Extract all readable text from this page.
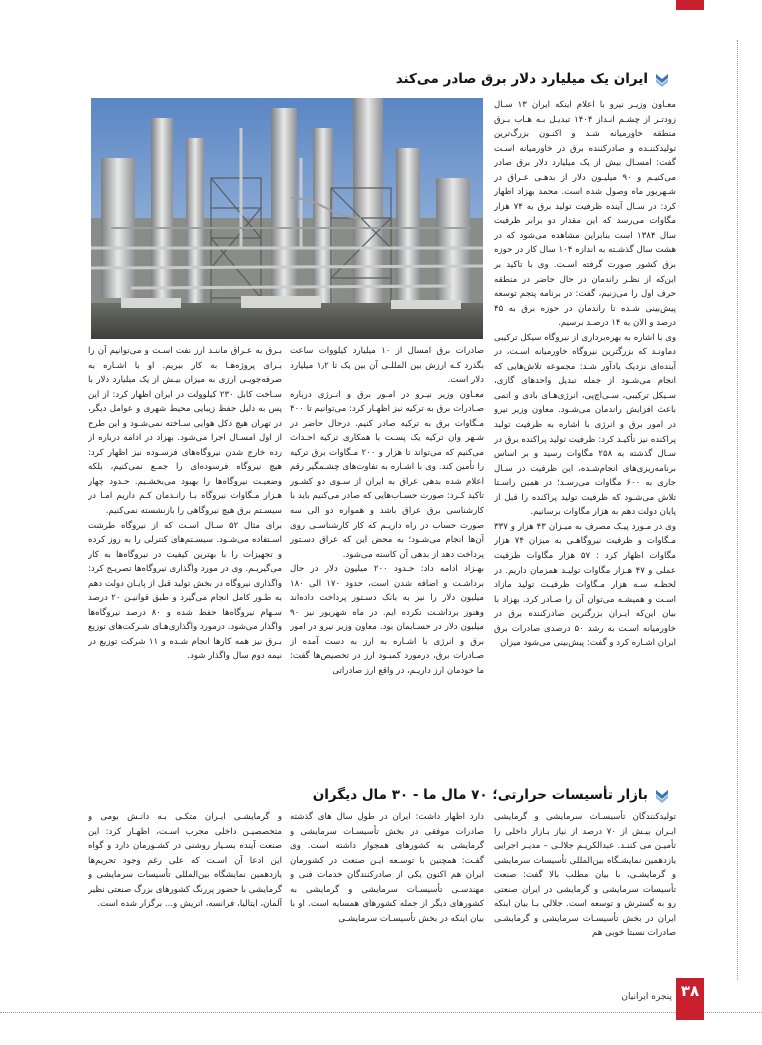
ایران یک میلیارد دلار برق صادر می‌کند

معـاون وزیـر نیرو با اعلام اینکه ایران ۱۳ سـال زودتـر از چشـم انـداز ۱۴۰۴ تبدیـل بـه هـاب بـرق منطقه خاورمیانه شـد و اکنـون بزرگ‌ترین تولیدکننـده و صادرکننده برق در خاورمیانه اسـت گفت: امسـال بیش از یک میلیارد دلار برق صادر می‌کنیـم و ۹۰ میلیـون دلار از بدهـی عـراق در شـهریور ماه وصول شده است. محمد بهزاد اظهار کرد: در سـال آینده ظرفیت تولید برق به ۷۴ هزار مگاوات می‌رسد که این مقدار دو برابر ظرفیت سال ۱۳۸۴ است بنابراین مشاهده می‌شود که در هشت سال گذشـته به اندازه ۱۰۴ سال کار در حوزه برق کشور صورت گرفته اسـت. وی با تاکید بر این‌که از نظـر راندمان در حال حاضر در منطقه حرف اول را می‌زنیم، گفت: در برنامه پنجم توسعه پیش‌بینی شـده تا راندمان در حوزه برق به ۴۵ درصد و الان به ۱۴ درصـد برسیم.

وی با اشاره به بهره‌برداری از نیروگاه سیکل ترکیبی دماونـد که بزرگترین نیروگاه خاورمیانه اسـت، در آینده‌ای نزدیک یادآور شـد: مجموعه تلاش‌هایی که انجام می‌شـود از جمله تبدیل واحدهای گازی، سـیکل ترکیبی، سـی‌اچ‌پی، انرژی‌هـای بادی و اتمی باعث افزایش راندمان می‌شـود. معاون وزیر نیرو در امور برق و انرژی با اشاره به ظرفیت تولید پراکنده نیز تأکیـد کرد: ظرفیت تولید پراکنده برق در سـال گذشته به ۲۵۸ مگاوات رسید و بر اساس برنامه‌ریزی‌های انجام‌شـده، این ظرفیت در سـال جاری به ۶۰۰ مگاوات می‌رسـد؛ در همین راسـتا تلاش می‌شـود که ظرفیت تولید پراکنده را قبل از پایان دولت دهم به هزار مگاوات برسانیم.

وی در مـورد پیـک مصرف به میـزان ۴۳ هزار و ۳۳۷ مـگاوات و ظرفیت نیروگاهـی به میزان ۷۴ هزار مگاوات اظهار کرد : ۵۷ هزار مگاوات ظرفیت عملی و ۴۷ هـزار مگاوات تولیـد همزمان داریم. در لحظـه سـه هزار مـگاوات ظرفیـت تولید مازاد اسـت و همیشـه می‌توان آن را صـادر کرد. بهزاد با بیان این‌که ایـران بزرگترین صادرکننده برق در خاورمیانه اسـت به رشد ۵۰ درصدی صادرات برق ایران اشـاره کرد و گفت: پیش‌بینی می‌شود میزان

صادرات برق امسال از ۱۰ میلیارد کیلووات ساعت بگذرد کـه ارزش بین المللـی آن بین یک تا ۱٫۲ میلیارد دلار است.

معـاون وزیر نیـرو در امـور برق و انـرژی درباره صـادرات برق به ترکیه نیز اظهـار کرد: می‌توانیم تا ۴۰۰ مـگاوات برق به ترکیه صادر کنیم. درحال حاضر در شـهر وان ترکیه یک پسـت با همکاری ترکیه احـداث می‌کنیم که می‌تواند تا هزار و ۲۰۰ مـگاوات برق ترکیه را تأمین کند. وی با اشـاره به تفاوت‌های چشـمگیر رقم اعلام شده بدهی عراق به ایران از سـوی دو کشـور تاکید کـرد: صورت حسـاب‌هایی که صادر می‌کنیم باید با کارشناسی برق عراق باشد و همواره دو الی سه صورت حساب در راه داریـم که کار کارشناسـی روی آن‌ها انجام می‌شـود؛ به محض این که عراق دسـتور پرداخت دهد از بدهی آن کاسته می‌شود.

بهـزاد ادامه داد: حـدود ۲۰۰ میلیون دلار در حال برداشـت و اضافه شدن است، حدود ۱۷۰ الی ۱۸۰ میلیون دلار را نیز به بانک دسـتور پرداخت داده‌اند وهنوز برداشـت نکرده ایم. در ماه شهریور نیز ۹۰ میلیون دلار در حسـابمان بود. معاون وزیر نیرو در امور برق و انرژی با اشـاره به ارز به دست آمده از صـادرات برق، درمورد کمبـود ارز در تخصیص‌ها گفت: ما خودمان ارز داریـم، در واقع ارز صادراتی

بـرق به عـراق ماننـد ارز نفت اسـت و می‌توانیم آن را بـرای پروژه‌هـا به کار ببریم. او با اشـاره به صرفه‌جویـی ارزی به میزان بیـش از یک میلیارد دلار با سـاخت کابل ۲۳۰ کیلوولت در ایران اظهار کرد: از این پس به دلیل حفظ زیبایی محیط شهری و عوامل دیگر، در تهران هیچ دکل هوایی سـاخته نمی‌شـود و این طرح از اول امسـال اجرا می‌شود. بهزاد در ادامه درباره از رده خارج شدن نیروگاه‌های فرسـوده نیز اظهار کرد: هیچ نیروگاه فرسوده‌ای را جمـع نمی‌کنیم، بلکه وضعیـت نیروگاه‌ها را بهبود می‌بخشـیم. حـدود چهار هـزار مـگاوات نیروگاه بـا رانـدمان کـم داریم امـا در سیسـتم برق هیچ نیروگاهی را بازنشسته نمی‌کنیم.

برای مثال ۵۲ سـال اسـت که از نیروگاه طرشت اسـتفاده می‌شـود. سیسـتم‌های کنترلی را به روز کرده و تجهیزات را با بهترین کیفیت در نیروگاه‌ها به کار می‌گیریـم. وی در مورد واگذاری نیروگاه‌ها تصریـح کرد: واگذاری نیروگاه در بخش تولید قبل از پایـان دولت دهم به طـور کامل انجام می‌گیرد و طبق قوانیـن ۲۰ درصد سـهام نیروگاه‌ها حفظ شده و ۸۰ درصد نیروگاه‌ها واگذار می‌شود. درمورد واگذاری‌هـای شـرکت‌های توزیع بـرق نیز همه کارها انجام شـده و ۱۱ شرکت توزیع در نیمه دوم سال واگذار شود.

بازار تأسیسات حرارتی؛ ۷۰ مال ما - ۳۰ مال دیگران

تولیدکنندگان تأسیسـات سرمایشی و گرمایشی ایـران بیـش از ۷۰ درصد از نیاز بـازار داخلی را تأمیـن می‌ کننـد. عبدالکریـم جلالـی – مدیـر اجرایی یازدهمین نمایشـگاه بین‌المللی تأسیسات سرمایشی و گرمایشـی، با بیان مطلب بالا گفت: صنعت تأسیسات سرمایشی و گرمایشی در ایران صنعتی رو به گسترش و توسعه است. جلالی بـا بیان اینکه ایران در بخش تأسیسـات سرمایشی و گرمایشـی صادرات نسبتا خوبی هم

دارد اظهار داشت: ایران در طول سال های گذشته صادرات موفقی در بخش تأسیسـات سرمایشی و گرمایشی به کشورهای همجوار داشته است. وی گفـت: همچنین با توسـعه ایـن صنعت در کشورمان ایران هم اکنون یکی از صادرکنندگان خدمات فنی و مهندسـی تأسیسـات سرمایشی و گرمایشی به کشورهای دیگر از جمله کشورهای همسایه است. او با بیان اینکه در بخش تأسیسـات سرمایشـی

و گرمایشـی ایـران متکـی بـه دانـش بومی و متخصصیـن داخلی مجرب اسـت، اظهـار کرد: این صنعت آینده بسـیار روشنی در کشـورمان دارد و گواه این ادعا آن اسـت که علی رغم وجود تحریم‌ها یازدهمین نمایشگاه بین‌المللی تأسیسات سرمایشی و گرمایشی با حضور پررنگ کشورهای بزرگ صنعتی نظیر آلمان، ایتالیا، فرانسه، اتریش و... برگزار شده است.

۳۸
پنجره ایرانیان
